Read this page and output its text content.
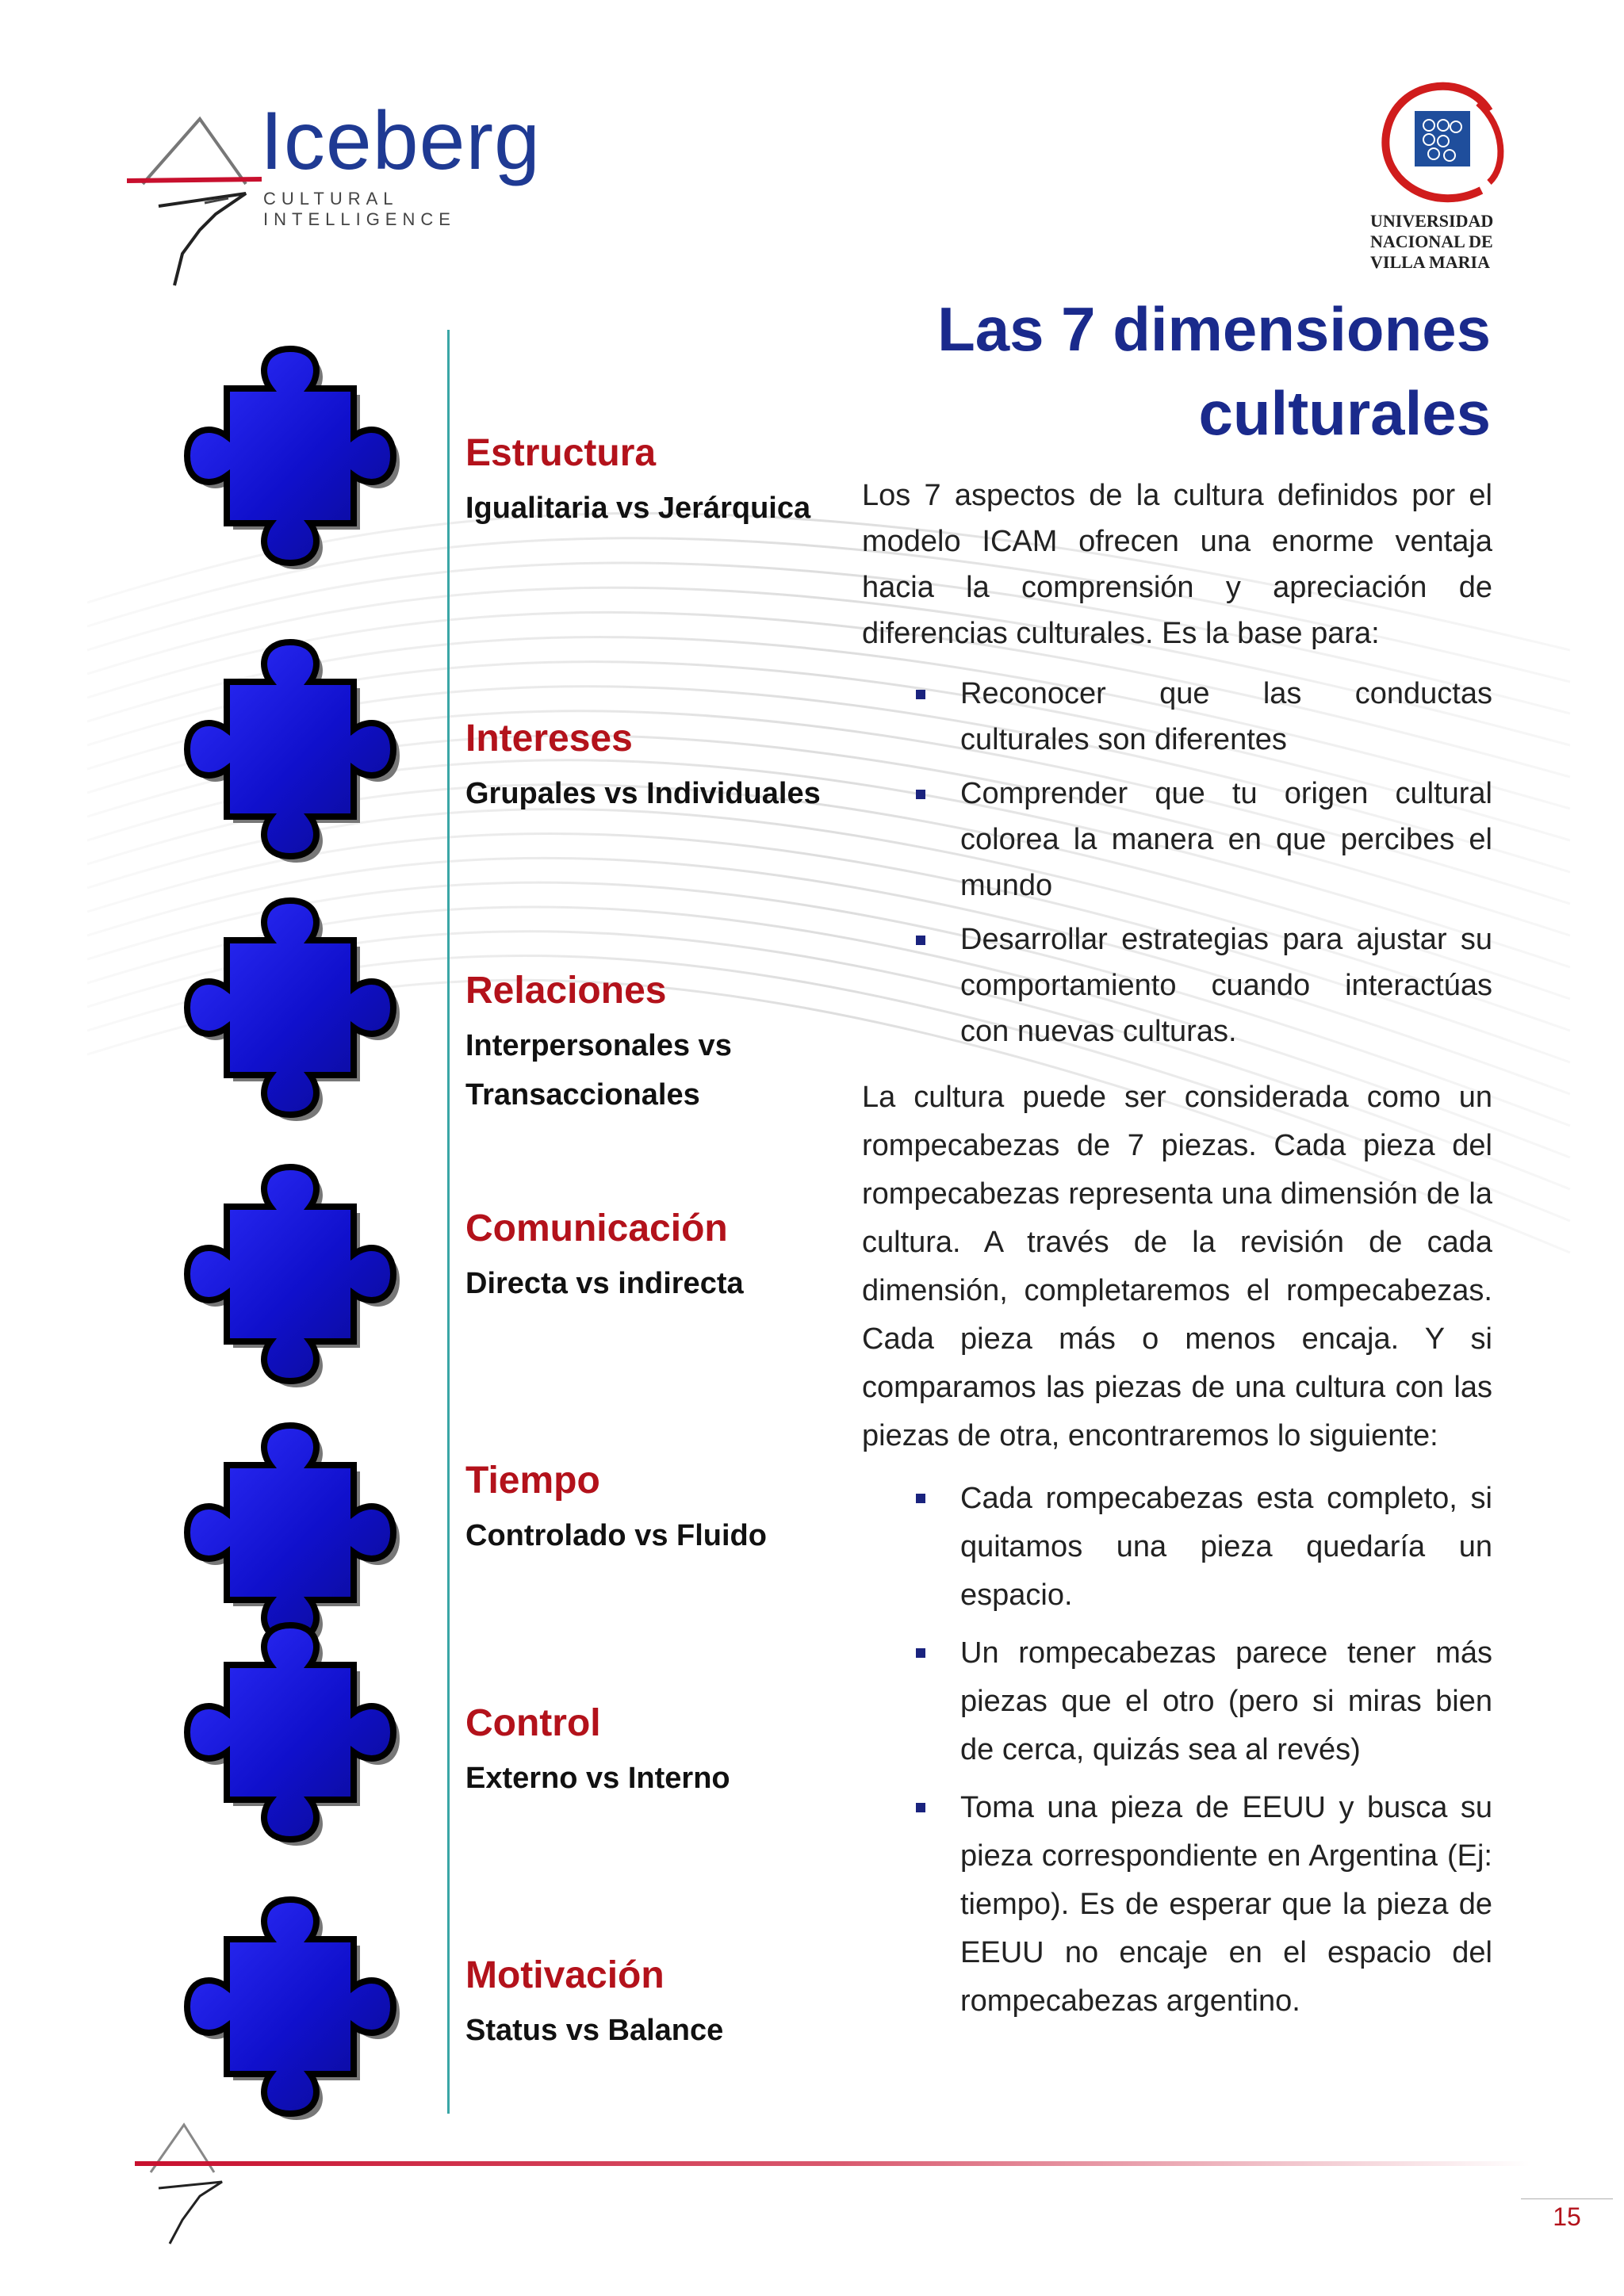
Iceberg
CULTURAL INTELLIGENCE	UNIVERSIDAD
NACIONAL DE
VILLA MARIA
Las 7 dimensiones
culturales
Estructura
Igualitaria vs Jerárquica
Intereses
Grupales vs Individuales
Relaciones
Interpersonales vs
Transaccionales
Comunicación
Directa vs indirecta
Tiempo
Controlado vs Fluido
Control
Externo vs Interno
Motivación
Status vs Balance

Los 7 aspectos de la cultura definidos por el modelo ICAM ofrecen una enorme ventaja hacia la comprensión y apreciación de diferencias culturales. Es la base para:

Reconocer que las conductas culturales son diferentes
Comprender que tu origen cultural colorea la manera en que percibes el mundo
Desarrollar estrategias para ajustar su comportamiento cuando interactúas con nuevas culturas.

La cultura puede ser considerada como un rompecabezas de 7 piezas. Cada pieza del rompecabezas representa una dimensión de la cultura. A través de la revisión de cada dimensión, completaremos el rompecabezas. Cada pieza más o menos encaja. Y si comparamos las piezas de una cultura con las piezas de otra, encontraremos lo siguiente:

Cada rompecabezas esta completo, si quitamos una pieza quedaría un espacio.
Un rompecabezas parece tener más piezas que el otro (pero si miras bien de cerca, quizás sea al revés)
Toma una pieza de EEUU y busca su pieza correspondiente en Argentina (Ej: tiempo). Es de esperar que la pieza de EEUU no encaje en el espacio del rompecabezas argentino.
15
